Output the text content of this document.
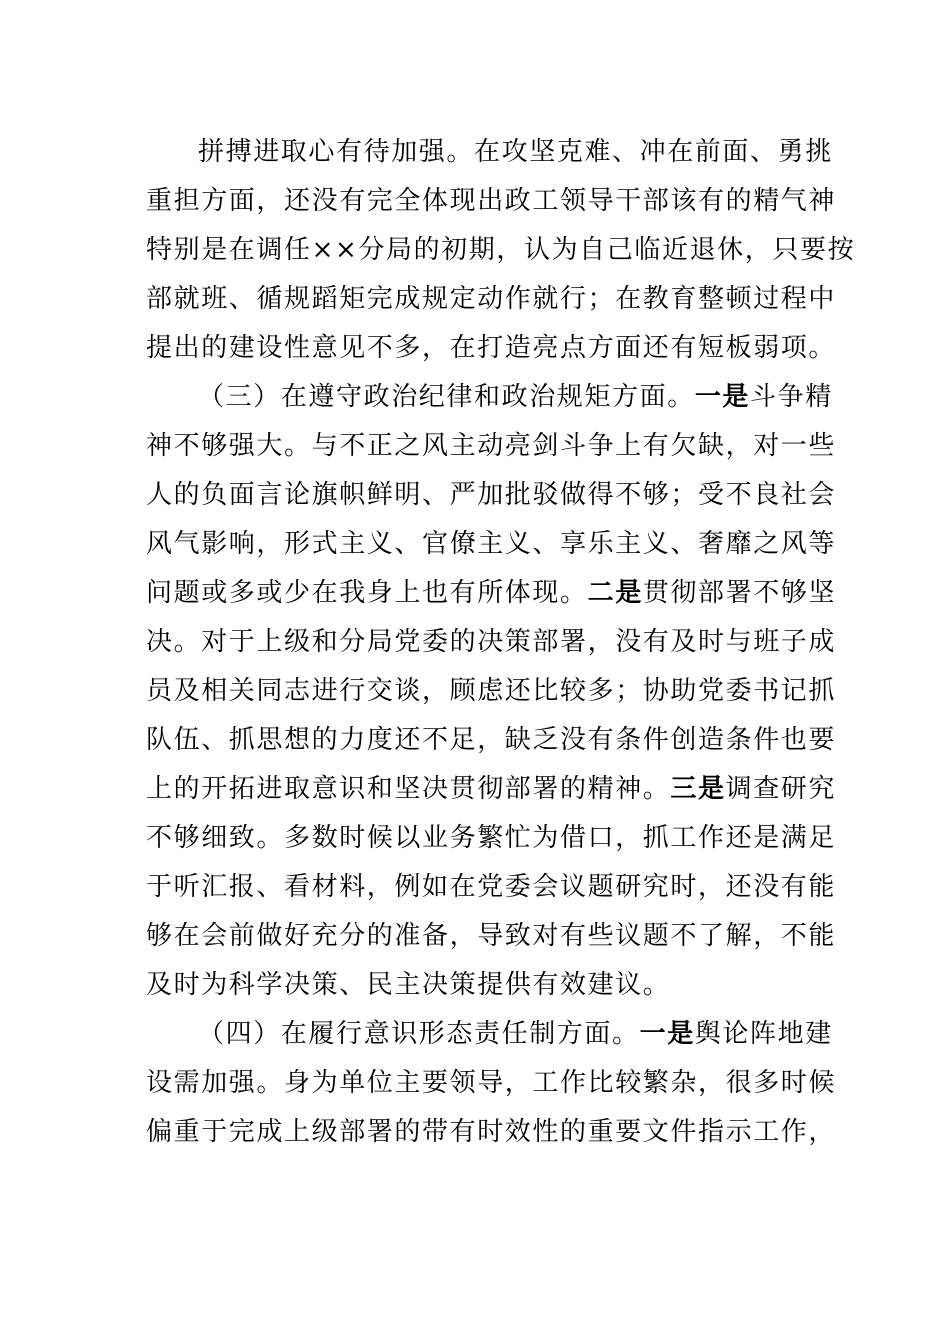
拼搏进取心有待加强。在攻坚克难、冲在前面、勇挑
重担方面，还没有完全体现出政工领导干部该有的精气神
特别是在调任××分局的初期，认为自己临近退休，只要按
部就班、循规蹈矩完成规定动作就行；在教育整顿过程中
提出的建设性意见不多，在打造亮点方面还有短板弱项。
（三）在遵守政治纪律和政治规矩方面。一是斗争精
神不够强大。与不正之风主动亮剑斗争上有欠缺，对一些
人的负面言论旗帜鲜明、严加批驳做得不够；受不良社会
风气影响，形式主义、官僚主义、享乐主义、奢靡之风等
问题或多或少在我身上也有所体现。二是贯彻部署不够坚
决。对于上级和分局党委的决策部署，没有及时与班子成
员及相关同志进行交谈，顾虑还比较多；协助党委书记抓
队伍、抓思想的力度还不足，缺乏没有条件创造条件也要
上的开拓进取意识和坚决贯彻部署的精神。三是调查研究
不够细致。多数时候以业务繁忙为借口，抓工作还是满足
于听汇报、看材料，例如在党委会议题研究时，还没有能
够在会前做好充分的准备，导致对有些议题不了解，不能
及时为科学决策、民主决策提供有效建议。
（四）在履行意识形态责任制方面。一是舆论阵地建
设需加强。身为单位主要领导，工作比较繁杂，很多时候
偏重于完成上级部署的带有时效性的重要文件指示工作，
